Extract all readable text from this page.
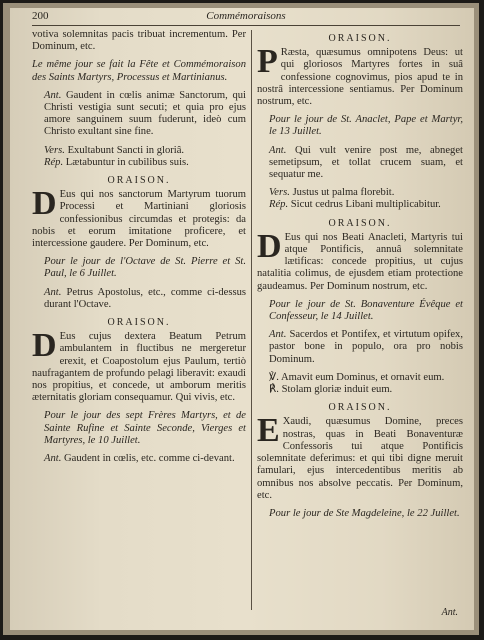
200	Commémoraisons

votiva solemnitas pacis tribuat incrementum. Per Dominum, etc.

Le même jour se fait la Fête et Commémoraison des Saints Martyrs, Processus et Martinianus.

Ant. Gaudent in cœlis animæ Sanctorum, qui Christi vestigia sunt secuti; et quia pro ejus amore sanguinem suum fuderunt, ideò cum Christo exultant sine fine.

Vers. Exultabunt Sancti in gloriâ.

Rép. Lætabuntur in cubilibus suis.

ORAISON.

D Eus qui nos sanctorum Martyrum tuorum Processi et Martiniani gloriosis confessionibus circumdas et protegis: da nobis et eorum imitatione proficere, et intercessione gaudere. Per Dominum, etc.

Pour le jour de l'Octave de St. Pierre et St. Paul, le 6 Juillet.

Ant. Petrus Apostolus, etc., comme ci-dessus durant l'Octave.

ORAISON.

D Eus cujus dextera Beatum Petrum ambulantem in fluctibus ne mergeretur erexit, et Coapostolum ejus Paulum, tertiò naufragantem de profundo pelagi liberavit: exaudi nos propitius, et concede, ut amborum meritis æternitatis gloriam consequamur. Qui vivis, etc.

Pour le jour des sept Frères Martyrs, et de Sainte Rufine et Sainte Seconde, Vierges et Martyres, le 10 Juillet.

Ant. Gaudent in cœlis, etc. comme ci-devant.

ORAISON.

P Ræsta, quæsumus omnipotens Deus: ut qui gloriosos Martyres fortes in suâ confessione cognovimus, pios apud te in nostrâ intercessione sentiamus. Per Dominum nostrum, etc.

Pour le jour de St. Anaclet, Pape et Martyr, le 13 Juillet.

Ant. Qui vult venire post me, abneget semetipsum, et tollat crucem suam, et sequatur me.

Vers. Justus ut palma florebit.

Rép. Sicut cedrus Libani multiplicabitur.

ORAISON.

D Eus qui nos Beati Anacleti, Martyris tui atque Pontificis, annuâ solemnitate lætificas: concede propitius, ut cujus natalitia colimus, de ejusdem etiam protectione gaudeamus. Per Dominum nostrum, etc.

Pour le jour de St. Bonaventure Évêque et Confesseur, le 14 Juillet.

Ant. Sacerdos et Pontifex, et virtutum opifex, pastor bone in populo, ora pro nobis Dominum.

℣. Amavit eum Dominus, et ornavit eum.

℟. Stolam gloriæ induit eum.

ORAISON.

E Xaudi, quæsumus Domine, preces nostras, quas in Beati Bonaventuræ Confessoris tui atque Pontificis solemnitate deferimus: et qui tibi digne meruit famulari, ejus intercedentibus meritis ab omnibus nos absolve peccatis. Per Dominum, etc.

Pour le jour de Ste Magdeleine, le 22 Juillet.

Ant.
